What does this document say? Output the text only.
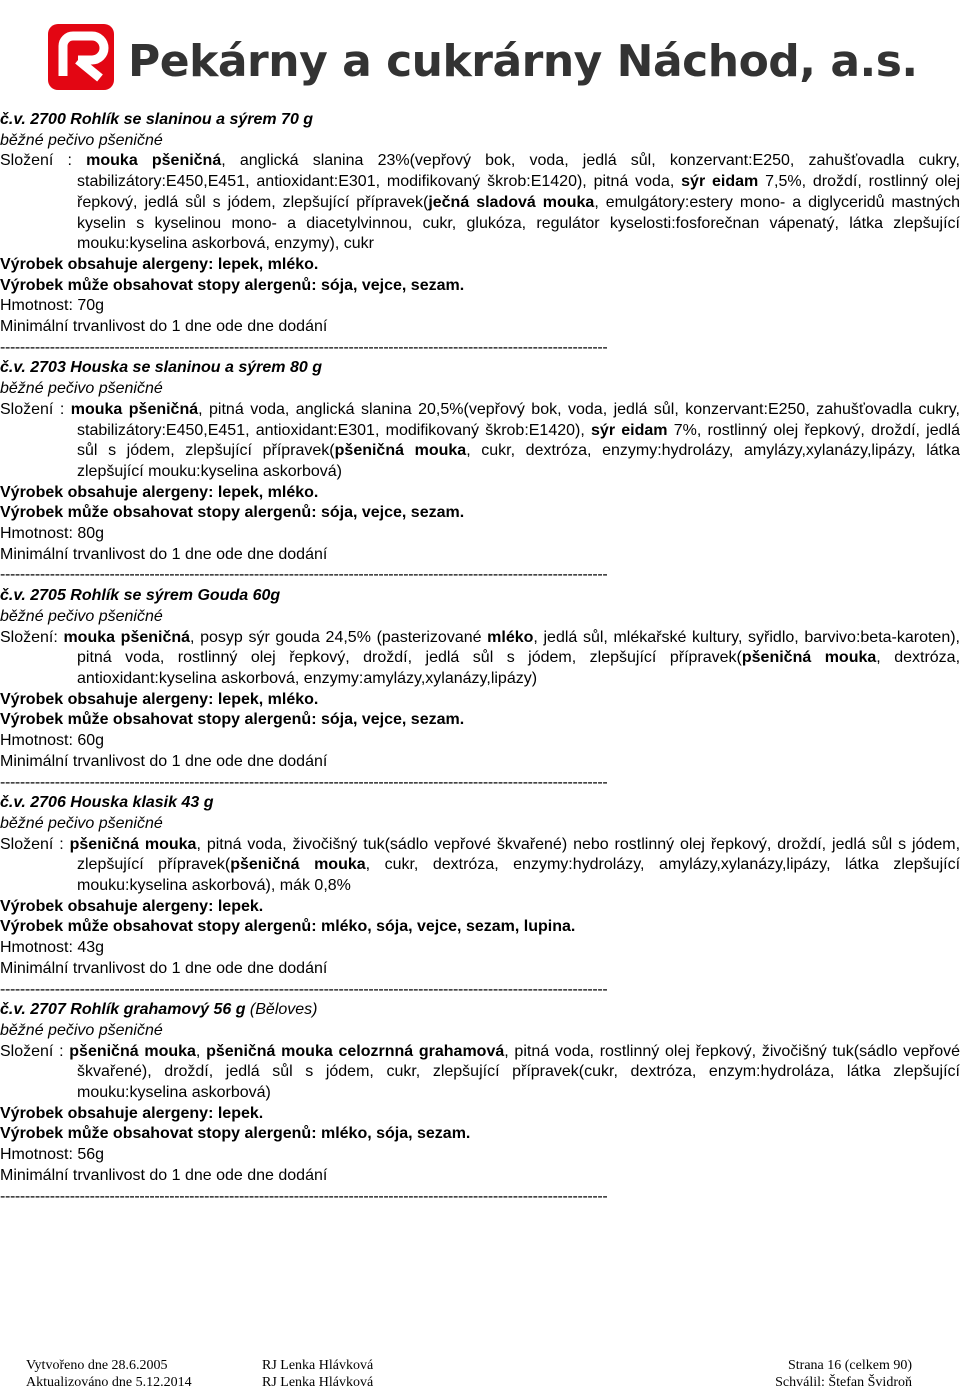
Pekárny a cukrárny Náchod, a.s.
č.v. 2700 Rohlík se slaninou a sýrem 70 g
běžné pečivo pšeničné
Složení : mouka pšeničná, anglická slanina 23%(vepřový bok, voda, jedlá sůl, konzervant:E250, zahušťovadla cukry, stabilizátory:E450,E451, antioxidant:E301, modifikovaný škrob:E1420), pitná voda, sýr eidam 7,5%, droždí, rostlinný olej řepkový, jedlá sůl s jódem, zlepšující přípravek(ječná sladová mouka, emulgátory:estery mono- a diglyceridů mastných kyselin s kyselinou mono- a diacetylvinnou, cukr, glukóza, regulátor kyselosti:fosforečnan vápenatý, látka zlepšující mouku:kyselina askorbová, enzymy), cukr
Výrobek obsahuje alergeny: lepek, mléko.
Výrobek může obsahovat stopy alergenů: sója, vejce, sezam.
Hmotnost: 70g
Minimální trvanlivost do 1 dne ode dne dodání
--------------------------------------------------------------------------------------------------------------------------
č.v. 2703 Houska se slaninou a sýrem 80 g
běžné pečivo pšeničné
Složení : mouka pšeničná, pitná voda, anglická slanina 20,5%(vepřový bok, voda, jedlá sůl, konzervant:E250, zahušťovadla cukry, stabilizátory:E450,E451, antioxidant:E301, modifikovaný škrob:E1420), sýr eidam 7%, rostlinný olej řepkový, droždí, jedlá sůl s jódem, zlepšující přípravek(pšeničná mouka, cukr, dextróza, enzymy:hydrolázy, amylázy,xylanázy,lipázy, látka zlepšující mouku:kyselina askorbová)
Výrobek obsahuje alergeny: lepek, mléko.
Výrobek může obsahovat stopy alergenů: sója, vejce, sezam.
Hmotnost: 80g
Minimální trvanlivost do 1 dne ode dne dodání
--------------------------------------------------------------------------------------------------------------------------
č.v. 2705 Rohlík se sýrem Gouda 60g
běžné pečivo pšeničné
Složení: mouka pšeničná, posyp sýr gouda 24,5% (pasterizované mléko, jedlá sůl, mlékařské kultury, syřidlo, barvivo:beta-karoten), pitná voda, rostlinný olej řepkový, droždí, jedlá sůl s jódem, zlepšující přípravek(pšeničná mouka, dextróza, antioxidant:kyselina askorbová, enzymy:amylázy,xylanázy,lipázy)
Výrobek obsahuje alergeny: lepek, mléko.
Výrobek může obsahovat stopy alergenů: sója, vejce, sezam.
Hmotnost: 60g
Minimální trvanlivost do 1 dne ode dne dodání
--------------------------------------------------------------------------------------------------------------------------
č.v. 2706 Houska klasik 43 g
běžné pečivo pšeničné
Složení : pšeničná mouka, pitná voda, živočišný tuk(sádlo vepřové škvařené) nebo rostlinný olej řepkový, droždí, jedlá sůl s jódem, zlepšující přípravek(pšeničná mouka, cukr, dextróza, enzymy:hydrolázy, amylázy,xylanázy,lipázy, látka zlepšující mouku:kyselina askorbová), mák 0,8%
Výrobek obsahuje alergeny: lepek.
Výrobek může obsahovat stopy alergenů: mléko, sója, vejce, sezam, lupina.
Hmotnost: 43g
Minimální trvanlivost do 1 dne ode dne dodání
--------------------------------------------------------------------------------------------------------------------------
č.v. 2707 Rohlík grahamový 56 g (Běloves)
běžné pečivo pšeničné
Složení : pšeničná mouka, pšeničná mouka celozrnná grahamová, pitná voda, rostlinný olej řepkový, živočišný tuk(sádlo vepřové škvařené), droždí, jedlá sůl s jódem, cukr, zlepšující přípravek(cukr, dextróza, enzym:hydroláza, látka zlepšující mouku:kyselina askorbová)
Výrobek obsahuje alergeny: lepek.
Výrobek může obsahovat stopy alergenů: mléko, sója, sezam.
Hmotnost: 56g
Minimální trvanlivost do 1 dne ode dne dodání
--------------------------------------------------------------------------------------------------------------------------
Vytvořeno dne 28.6.2005
Aktualizováno dne 5.12.2014
RJ Lenka Hlávková
RJ Lenka Hlávková
Strana 16 (celkem 90)
Schválil: Štefan Švidroň
